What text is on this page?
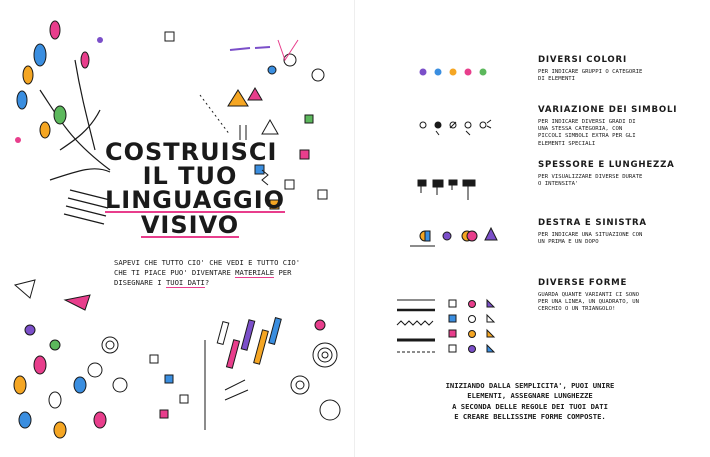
COSTRUISCI
IL TUO
LINGUAGGIO
VISIVO
SAPEVI CHE TUTTO CIO' CHE VEDI E TUTTO CIO' CHE TI PIACE PUO' DIVENTARE MATERIALE PER DISEGNARE I TUOI DATI?
DIVERSI COLORI

PER INDICARE GRUPPI O CATEGORIE DI ELEMENTI

VARIAZIONE DEI SIMBOLI

PER INDICARE DIVERSI GRADI DI UNA STESSA CATEGORIA, CON PICCOLI SIMBOLI EXTRA PER GLI ELEMENTI SPECIALI

SPESSORE E LUNGHEZZA

PER VISUALIZZARE DIVERSE DURATE O INTENSITA'

DESTRA E SINISTRA

PER INDICARE UNA SITUAZIONE CON UN PRIMA E UN DOPO

DIVERSE FORME

GUARDA QUANTE VARIANTI CI SONO PER UNA LINEA, UN QUADRATO, UN CERCHIO O UN TRIANGOLO!

INIZIANDO DALLA SEMPLICITA', PUOI UNIRE
ELEMENTI, ASSEGNARE LUNGHEZZE
A SECONDA DELLE REGOLE DEI TUOI DATI
E CREARE BELLISSIME FORME COMPOSTE.
